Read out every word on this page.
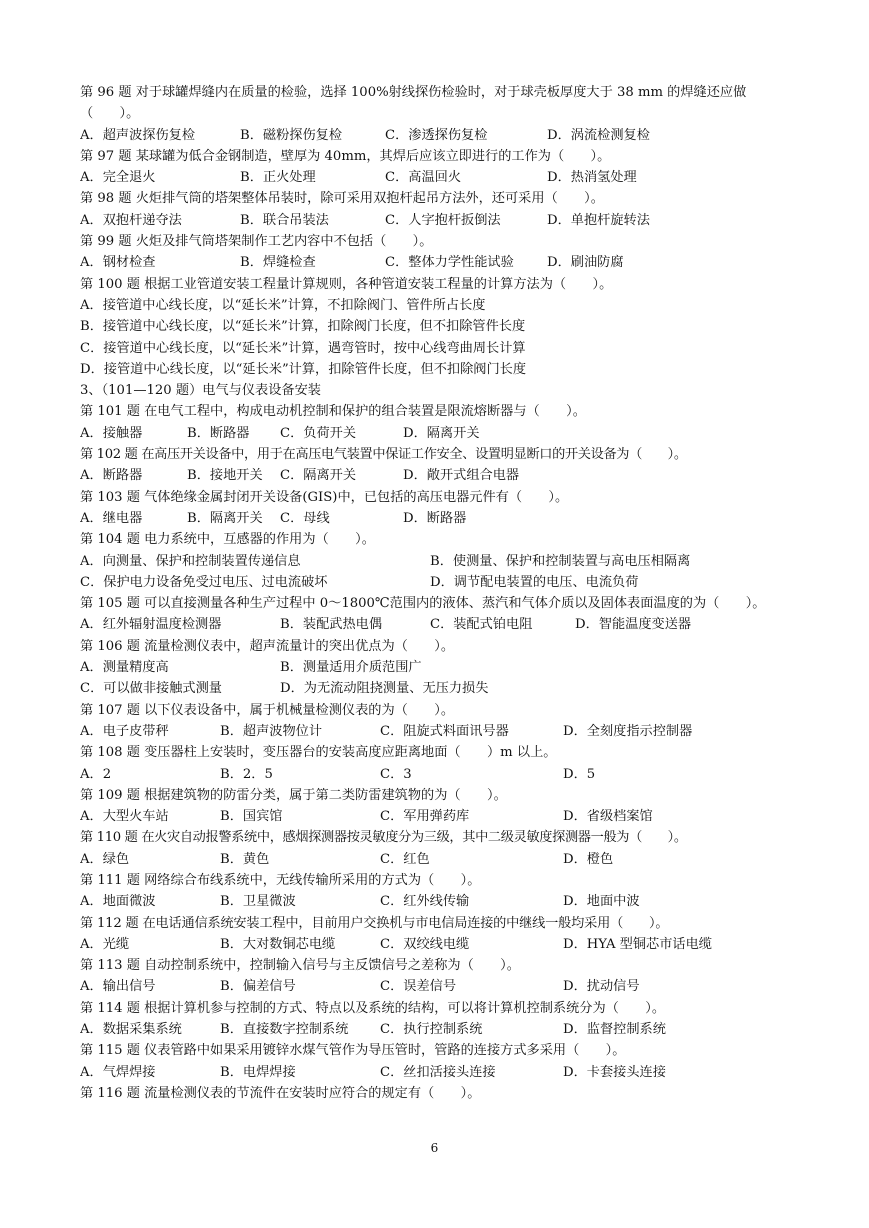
第 96 题 对于球罐焊缝内在质量的检验，选择 100%射线探伤检验时，对于球壳板厚度大于 38 mm 的焊缝还应做（　　）。
A．超声波探伤复检	B．磁粉探伤复检	C．渗透探伤复检	D．涡流检测复检
第 97 题 某球罐为低合金钢制造，壁厚为 40mm，其焊后应该立即进行的工作为（　　）。
A．完全退火	B．正火处理	C．高温回火	D．热消氢处理
第 98 题 火炬排气筒的塔架整体吊装时，除可采用双抱杆起吊方法外，还可采用（　　）。
A．双抱杆递夺法	B．联合吊装法	C．人字抱杆扳倒法	D．单抱杆旋转法
第 99 题 火炬及排气筒塔架制作工艺内容中不包括（　　）。
A．钢材检查	B．焊缝检查	C．整体力学性能试验	D．刷油防腐
第 100 题 根据工业管道安装工程量计算规则，各种管道安装工程量的计算方法为（　　）。
A．接管道中心线长度，以“延长米”计算，不扣除阀门、管件所占长度
B．接管道中心线长度，以“延长米”计算，扣除阀门长度，但不扣除管件长度
C．接管道中心线长度，以“延长米”计算，遇弯管时，按中心线弯曲周长计算
D．接管道中心线长度，以“延长米”计算，扣除管件长度，但不扣除阀门长度
3、（101—120 题）电气与仪表设备安装
第 101 题 在电气工程中，构成电动机控制和保护的组合装置是限流熔断器与（　　）。
A．接触器	B．断路器	C．负荷开关	D．隔离开关
第 102 题 在高压开关设备中，用于在高压电气装置中保证工作安全、设置明显断口的开关设备为（　　）。
A．断路器	B．接地开关	C．隔离开关	D．敞开式组合电器
第 103 题 气体绝缘金属封闭开关设备(GIS)中，已包括的高压电器元件有（　　）。
A．继电器	B．隔离开关	C．母线	D．断路器
第 104 题 电力系统中，互感器的作用为（　　）。
A．向测量、保护和控制装置传递信息	B．使测量、保护和控制装置与高电压相隔离
C．保护电力设备免受过电压、过电流破坏	D．调节配电装置的电压、电流负荷
第 105 题 可以直接测量各种生产过程中 0～1800℃范围内的液体、蒸汽和气体介质以及固体表面温度的为（　　）。
A．红外辐射温度检测器	B．装配武热电偶	C．装配式铂电阻	D．智能温度变送器
第 106 题 流量检测仪表中，超声流量计的突出优点为（　　）。
A．测量精度高	B．测量适用介质范围广
C．可以做非接触式测量	D．为无流动阻挠测量、无压力损失
第 107 题 以下仪表设备中，属于机械量检测仪表的为（　　）。
A．电子皮带秤	B．超声波物位计	C．阻旋式料面讯号器	D．全刻度指示控制器
第 108 题 变压器柱上安装时，变压器台的安装高度应距离地面（　　）m 以上。
A．2	B．2．5	C．3	D．5
第 109 题 根据建筑物的防雷分类，属于第二类防雷建筑物的为（　　）。
A．大型火车站	B．国宾馆	C．军用弹药库	D．省级档案馆
第 110 题 在火灾自动报警系统中，感烟探测器按灵敏度分为三级，其中二级灵敏度探测器一般为（　　）。
A．绿色	B．黄色	C．红色	D．橙色
第 111 题 网络综合布线系统中，无线传输所采用的方式为（　　）。
A．地面微波	B．卫星微波	C．红外线传输	D．地面中波
第 112 题 在电话通信系统安装工程中，目前用户交换机与市电信局连接的中继线一般均采用（　　）。
A．光缆	B．大对数铜芯电缆	C．双绞线电缆	D．HYA 型铜芯市话电缆
第 113 题 自动控制系统中，控制输入信号与主反馈信号之差称为（　　）。
A．输出信号	B．偏差信号	C．误差信号	D．扰动信号
第 114 题 根据计算机参与控制的方式、特点以及系统的结构，可以将计算机控制系统分为（　　）。
A．数据采集系统	B．直接数字控制系统	C．执行控制系统	D．监督控制系统
第 115 题 仪表管路中如果采用镀锌水煤气管作为导压管时，管路的连接方式多采用（　　）。
A．气焊焊接	B．电焊焊接	C．丝扣活接头连接	D．卡套接头连接
第 116 题 流量检测仪表的节流件在安装时应符合的规定有（　　）。
6
